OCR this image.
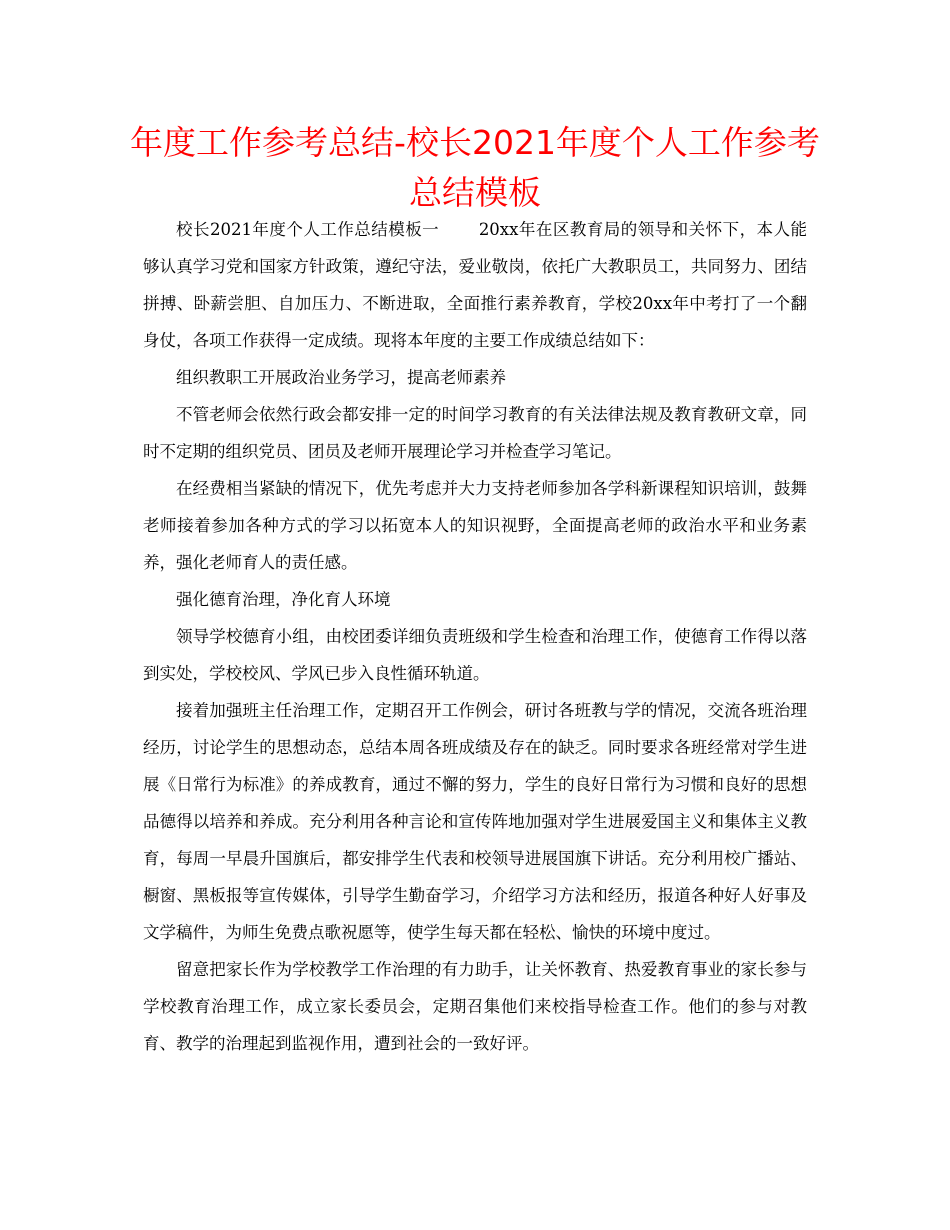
年度工作参考总结-校长2021年度个人工作参考总结模板

校长2021年度个人工作总结模板一　　 20xx年在区教育局的领导和关怀下，本人能够认真学习党和国家方针政策，遵纪守法，爱业敬岗，依托广大教职员工，共同努力、团结拼搏、卧薪尝胆、自加压力、不断进取，全面推行素养教育，学校20xx年中考打了一个翻身仗，各项工作获得一定成绩。现将本年度的主要工作成绩总结如下：

组织教职工开展政治业务学习，提高老师素养

不管老师会依然行政会都安排一定的时间学习教育的有关法律法规及教育教研文章，同时不定期的组织党员、团员及老师开展理论学习并检查学习笔记。

在经费相当紧缺的情况下，优先考虑并大力支持老师参加各学科新课程知识培训，鼓舞老师接着参加各种方式的学习以拓宽本人的知识视野，全面提高老师的政治水平和业务素养，强化老师育人的责任感。

强化德育治理，净化育人环境

领导学校德育小组，由校团委详细负责班级和学生检查和治理工作，使德育工作得以落到实处，学校校风、学风已步入良性循环轨道。

接着加强班主任治理工作，定期召开工作例会，研讨各班教与学的情况，交流各班治理经历，讨论学生的思想动态，总结本周各班成绩及存在的缺乏。同时要求各班经常对学生进展《日常行为标准》的养成教育，通过不懈的努力，学生的良好日常行为习惯和良好的思想品德得以培养和养成。充分利用各种言论和宣传阵地加强对学生进展爱国主义和集体主义教育，每周一早晨升国旗后，都安排学生代表和校领导进展国旗下讲话。充分利用校广播站、橱窗、黑板报等宣传媒体，引导学生勤奋学习，介绍学习方法和经历，报道各种好人好事及文学稿件，为师生免费点歌祝愿等，使学生每天都在轻松、愉快的环境中度过。

留意把家长作为学校教学工作治理的有力助手，让关怀教育、热爱教育事业的家长参与学校教育治理工作，成立家长委员会，定期召集他们来校指导检查工作。他们的参与对教育、教学的治理起到监视作用，遭到社会的一致好评。
